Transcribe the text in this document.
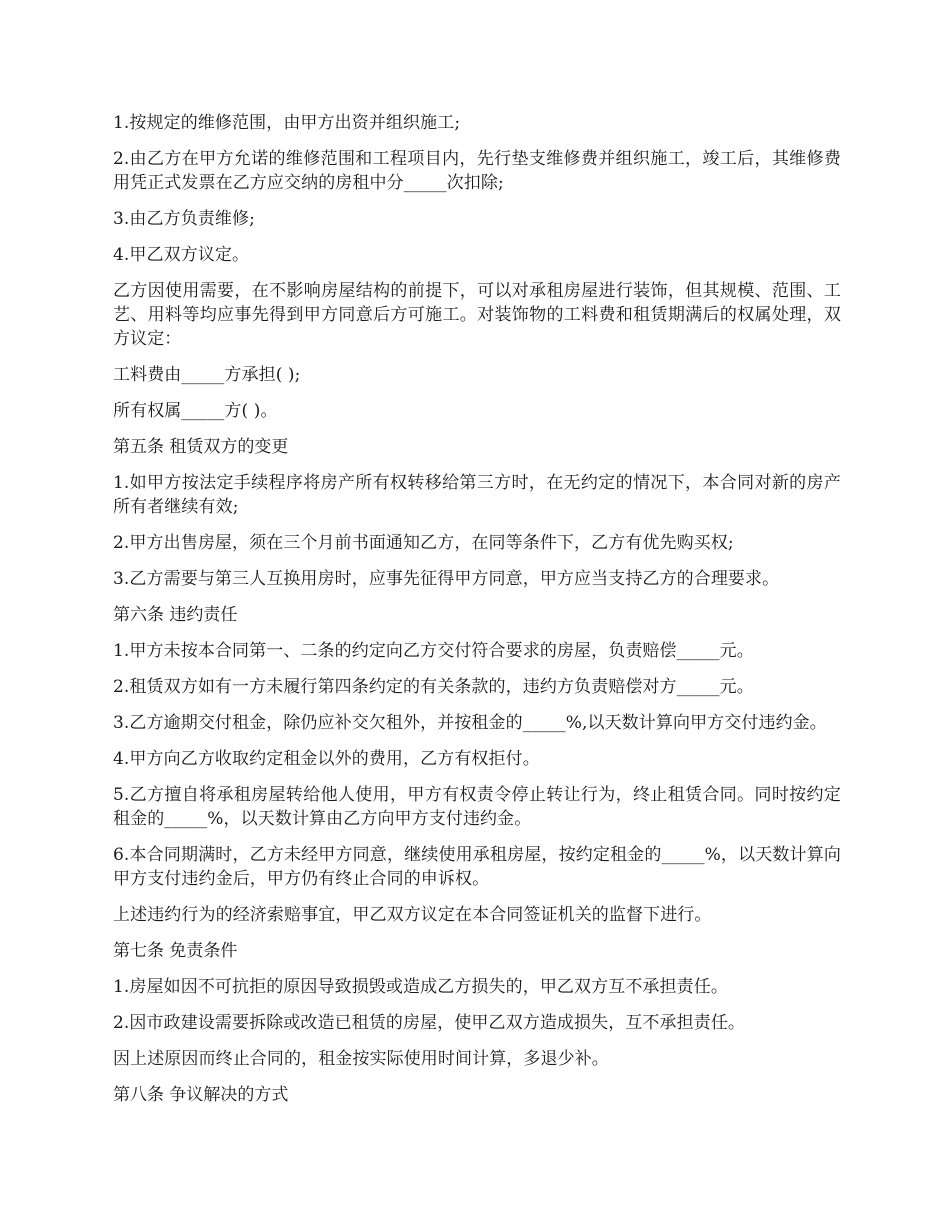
1.按规定的维修范围，由甲方出资并组织施工;

2.由乙方在甲方允诺的维修范围和工程项目内，先行垫支维修费并组织施工，竣工后，其维修费用凭正式发票在乙方应交纳的房租中分_____次扣除;

3.由乙方负责维修;

4.甲乙双方议定。

乙方因使用需要，在不影响房屋结构的前提下，可以对承租房屋进行装饰，但其规模、范围、工艺、用料等均应事先得到甲方同意后方可施工。对装饰物的工料费和租赁期满后的权属处理，双方议定：

工料费由_____方承担( );

所有权属_____方( )。

第五条 租赁双方的变更

1.如甲方按法定手续程序将房产所有权转移给第三方时，在无约定的情况下，本合同对新的房产所有者继续有效;

2.甲方出售房屋，须在三个月前书面通知乙方，在同等条件下，乙方有优先购买权;

3.乙方需要与第三人互换用房时，应事先征得甲方同意，甲方应当支持乙方的合理要求。

第六条 违约责任

1.甲方未按本合同第一、二条的约定向乙方交付符合要求的房屋，负责赔偿_____元。

2.租赁双方如有一方未履行第四条约定的有关条款的，违约方负责赔偿对方_____元。

3.乙方逾期交付租金，除仍应补交欠租外，并按租金的_____%,以天数计算向甲方交付违约金。

4.甲方向乙方收取约定租金以外的费用，乙方有权拒付。

5.乙方擅自将承租房屋转给他人使用，甲方有权责令停止转让行为，终止租赁合同。同时按约定租金的_____%，以天数计算由乙方向甲方支付违约金。

6.本合同期满时，乙方未经甲方同意，继续使用承租房屋，按约定租金的_____%，以天数计算向甲方支付违约金后，甲方仍有终止合同的申诉权。

上述违约行为的经济索赔事宜，甲乙双方议定在本合同签证机关的监督下进行。

第七条 免责条件

1.房屋如因不可抗拒的原因导致损毁或造成乙方损失的，甲乙双方互不承担责任。

2.因市政建设需要拆除或改造已租赁的房屋，使甲乙双方造成损失，互不承担责任。

因上述原因而终止合同的，租金按实际使用时间计算，多退少补。

第八条 争议解决的方式
